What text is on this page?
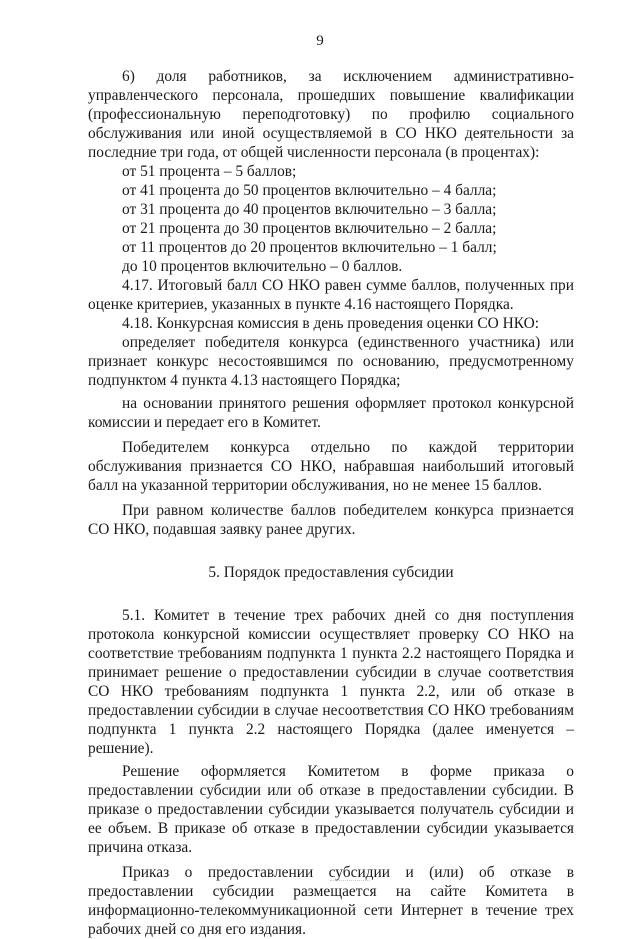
9

6) доля работников, за исключением административно-управленческого персонала, прошедших повышение квалификации (профессиональную переподготовку) по профилю социального обслуживания или иной осуществляемой в СО НКО деятельности за последние три года, от общей численности персонала (в процентах):

от 51 процента – 5 баллов;
от 41 процента до 50 процентов включительно – 4 балла;
от 31 процента до 40 процентов включительно – 3 балла;
от 21 процента до 30 процентов включительно – 2 балла;
от 11 процентов до 20 процентов включительно – 1 балл;
до 10 процентов включительно – 0 баллов.

4.17. Итоговый балл СО НКО равен сумме баллов, полученных при оценке критериев, указанных в пункте 4.16 настоящего Порядка.

4.18. Конкурсная комиссия в день проведения оценки СО НКО:

определяет победителя конкурса (единственного участника) или признает конкурс несостоявшимся по основанию, предусмотренному подпунктом 4 пункта 4.13 настоящего Порядка;

на основании принятого решения оформляет протокол конкурсной комиссии и передает его в Комитет.

Победителем конкурса отдельно по каждой территории обслуживания признается СО НКО, набравшая наибольший итоговый балл на указанной территории обслуживания, но не менее 15 баллов.

При равном количестве баллов победителем конкурса признается СО НКО, подавшая заявку ранее других.

5. Порядок предоставления субсидии

5.1. Комитет в течение трех рабочих дней со дня поступления протокола конкурсной комиссии осуществляет проверку СО НКО на соответствие требованиям подпункта 1 пункта 2.2 настоящего Порядка и принимает решение о предоставлении субсидии в случае соответствия СО НКО требованиям подпункта 1 пункта 2.2, или об отказе в предоставлении субсидии в случае несоответствия СО НКО требованиям подпункта 1 пункта 2.2 настоящего Порядка (далее именуется – решение).

Решение оформляется Комитетом в форме приказа о предоставлении субсидии или об отказе в предоставлении субсидии. В приказе о предоставлении субсидии указывается получатель субсидии и ее объем. В приказе об отказе в предоставлении субсидии указывается причина отказа.

Приказ о предоставлении субсидии и (или) об отказе в предоставлении субсидии размещается на сайте Комитета в информационно-телекоммуникационной сети Интернет в течение трех рабочих дней со дня его издания.
